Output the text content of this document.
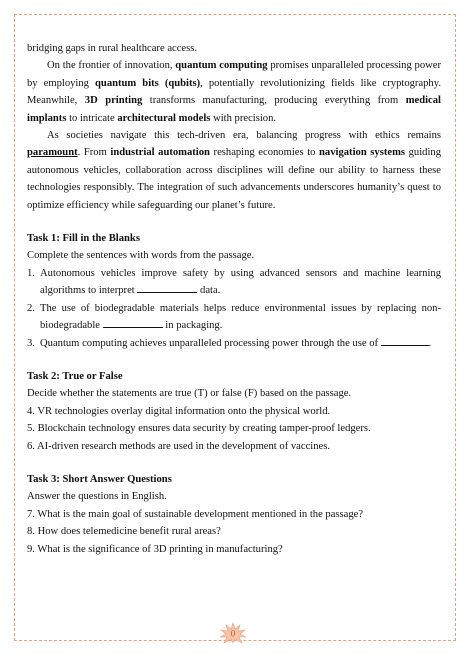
bridging gaps in rural healthcare access.

On the frontier of innovation, quantum computing promises unparalleled processing power by employing quantum bits (qubits), potentially revolutionizing fields like cryptography. Meanwhile, 3D printing transforms manufacturing, producing everything from medical implants to intricate architectural models with precision.

As societies navigate this tech-driven era, balancing progress with ethics remains paramount. From industrial automation reshaping economies to navigation systems guiding autonomous vehicles, collaboration across disciplines will define our ability to harness these technologies responsibly. The integration of such advancements underscores humanity’s quest to optimize efficiency while safeguarding our planet’s future.

Task 1: Fill in the Blanks

Complete the sentences with words from the passage.

1. Autonomous vehicles improve safety by using advanced sensors and machine learning algorithms to interpret	data.
2. The use of biodegradable materials helps reduce environmental issues by replacing non-biodegradable	in packaging.
3. Quantum computing achieves unparalleled processing power through the use of	.
Task 2: True or False

Decide whether the statements are true (T) or false (F) based on the passage.

4. VR technologies overlay digital information onto the physical world.

5. Blockchain technology ensures data security by creating tamper-proof ledgers.

6. AI-driven research methods are used in the development of vaccines.

Task 3: Short Answer Questions

Answer the questions in English.

7. What is the main goal of sustainable development mentioned in the passage?

8. How does telemedicine benefit rural areas?

9. What is the significance of 3D printing in manufacturing?

0
